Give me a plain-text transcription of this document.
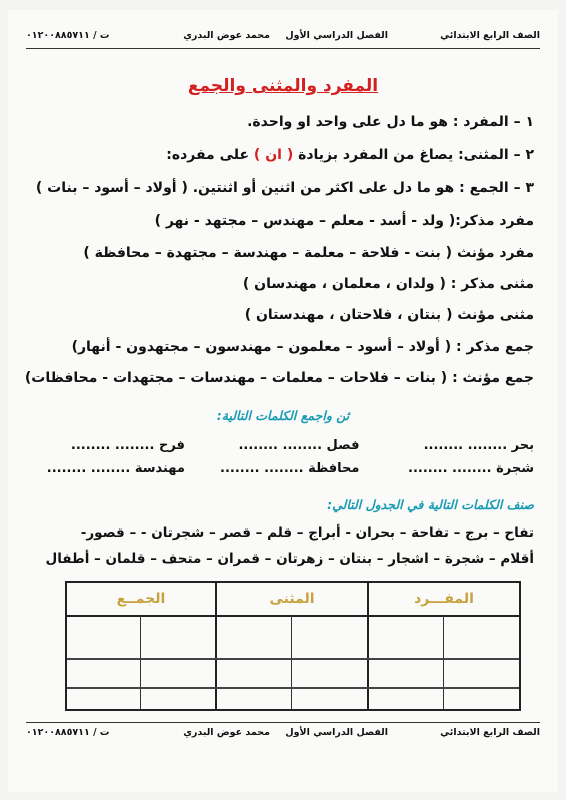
الصف الرابع الابتدائي
الفصل الدراسي الأول
محمد عوض البدري
ت / ٠١٢٠٠٨٨٥٧١١
المفرد والمثنى والجمع
١ – المفرد : هو ما دل على واحد او واحدة.
٢ – المثنى: يصاغ من المفرد بزيادة ( ان ) على مفرده:
٣ – الجمع : هو ما دل على اكثر من اثنين أو اثنتين. ( أولاد – أسود – بنات )
مفرد مذكر:( ولد - أسد - معلم – مهندس – مجتهد - نهر )
مفرد مؤنث ( بنت - فلاحة – معلمة – مهندسة – مجتهدة – محافظة )
مثنى مذكر : ( ولدان ، معلمان ، مهندسان )
مثنى مؤنث ( بنتان ، فلاحتان ، مهندستان )
جمع مذكر : ( أولاد – أسود – معلمون – مهندسون – مجتهدون - أنهار)
جمع مؤنث : ( بنات – فلاحات – معلمات – مهندسات – مجتهدات - محافظات)
ثن واجمع الكلمات التالية:
بحر ........ ........ فصل ........ ........ فرح ........ ........
شجرة ........ ........ محافظة ........ ........ مهندسة ........ ........
صنف الكلمات التالية في الجدول التالي:
تفاح – برج – تفاحة – بحران - أبراج – قلم – قصر – شجرتان - – قصور-
أقلام – شجرة – اشجار – بنتان – زهرتان – قمران – متحف – قلمان – أطفال
المفـــرد
المثنى
الجمــع
الصف الرابع الابتدائي
الفصل الدراسي الأول
محمد عوض البدري
ت / ٠١٢٠٠٨٨٥٧١١
